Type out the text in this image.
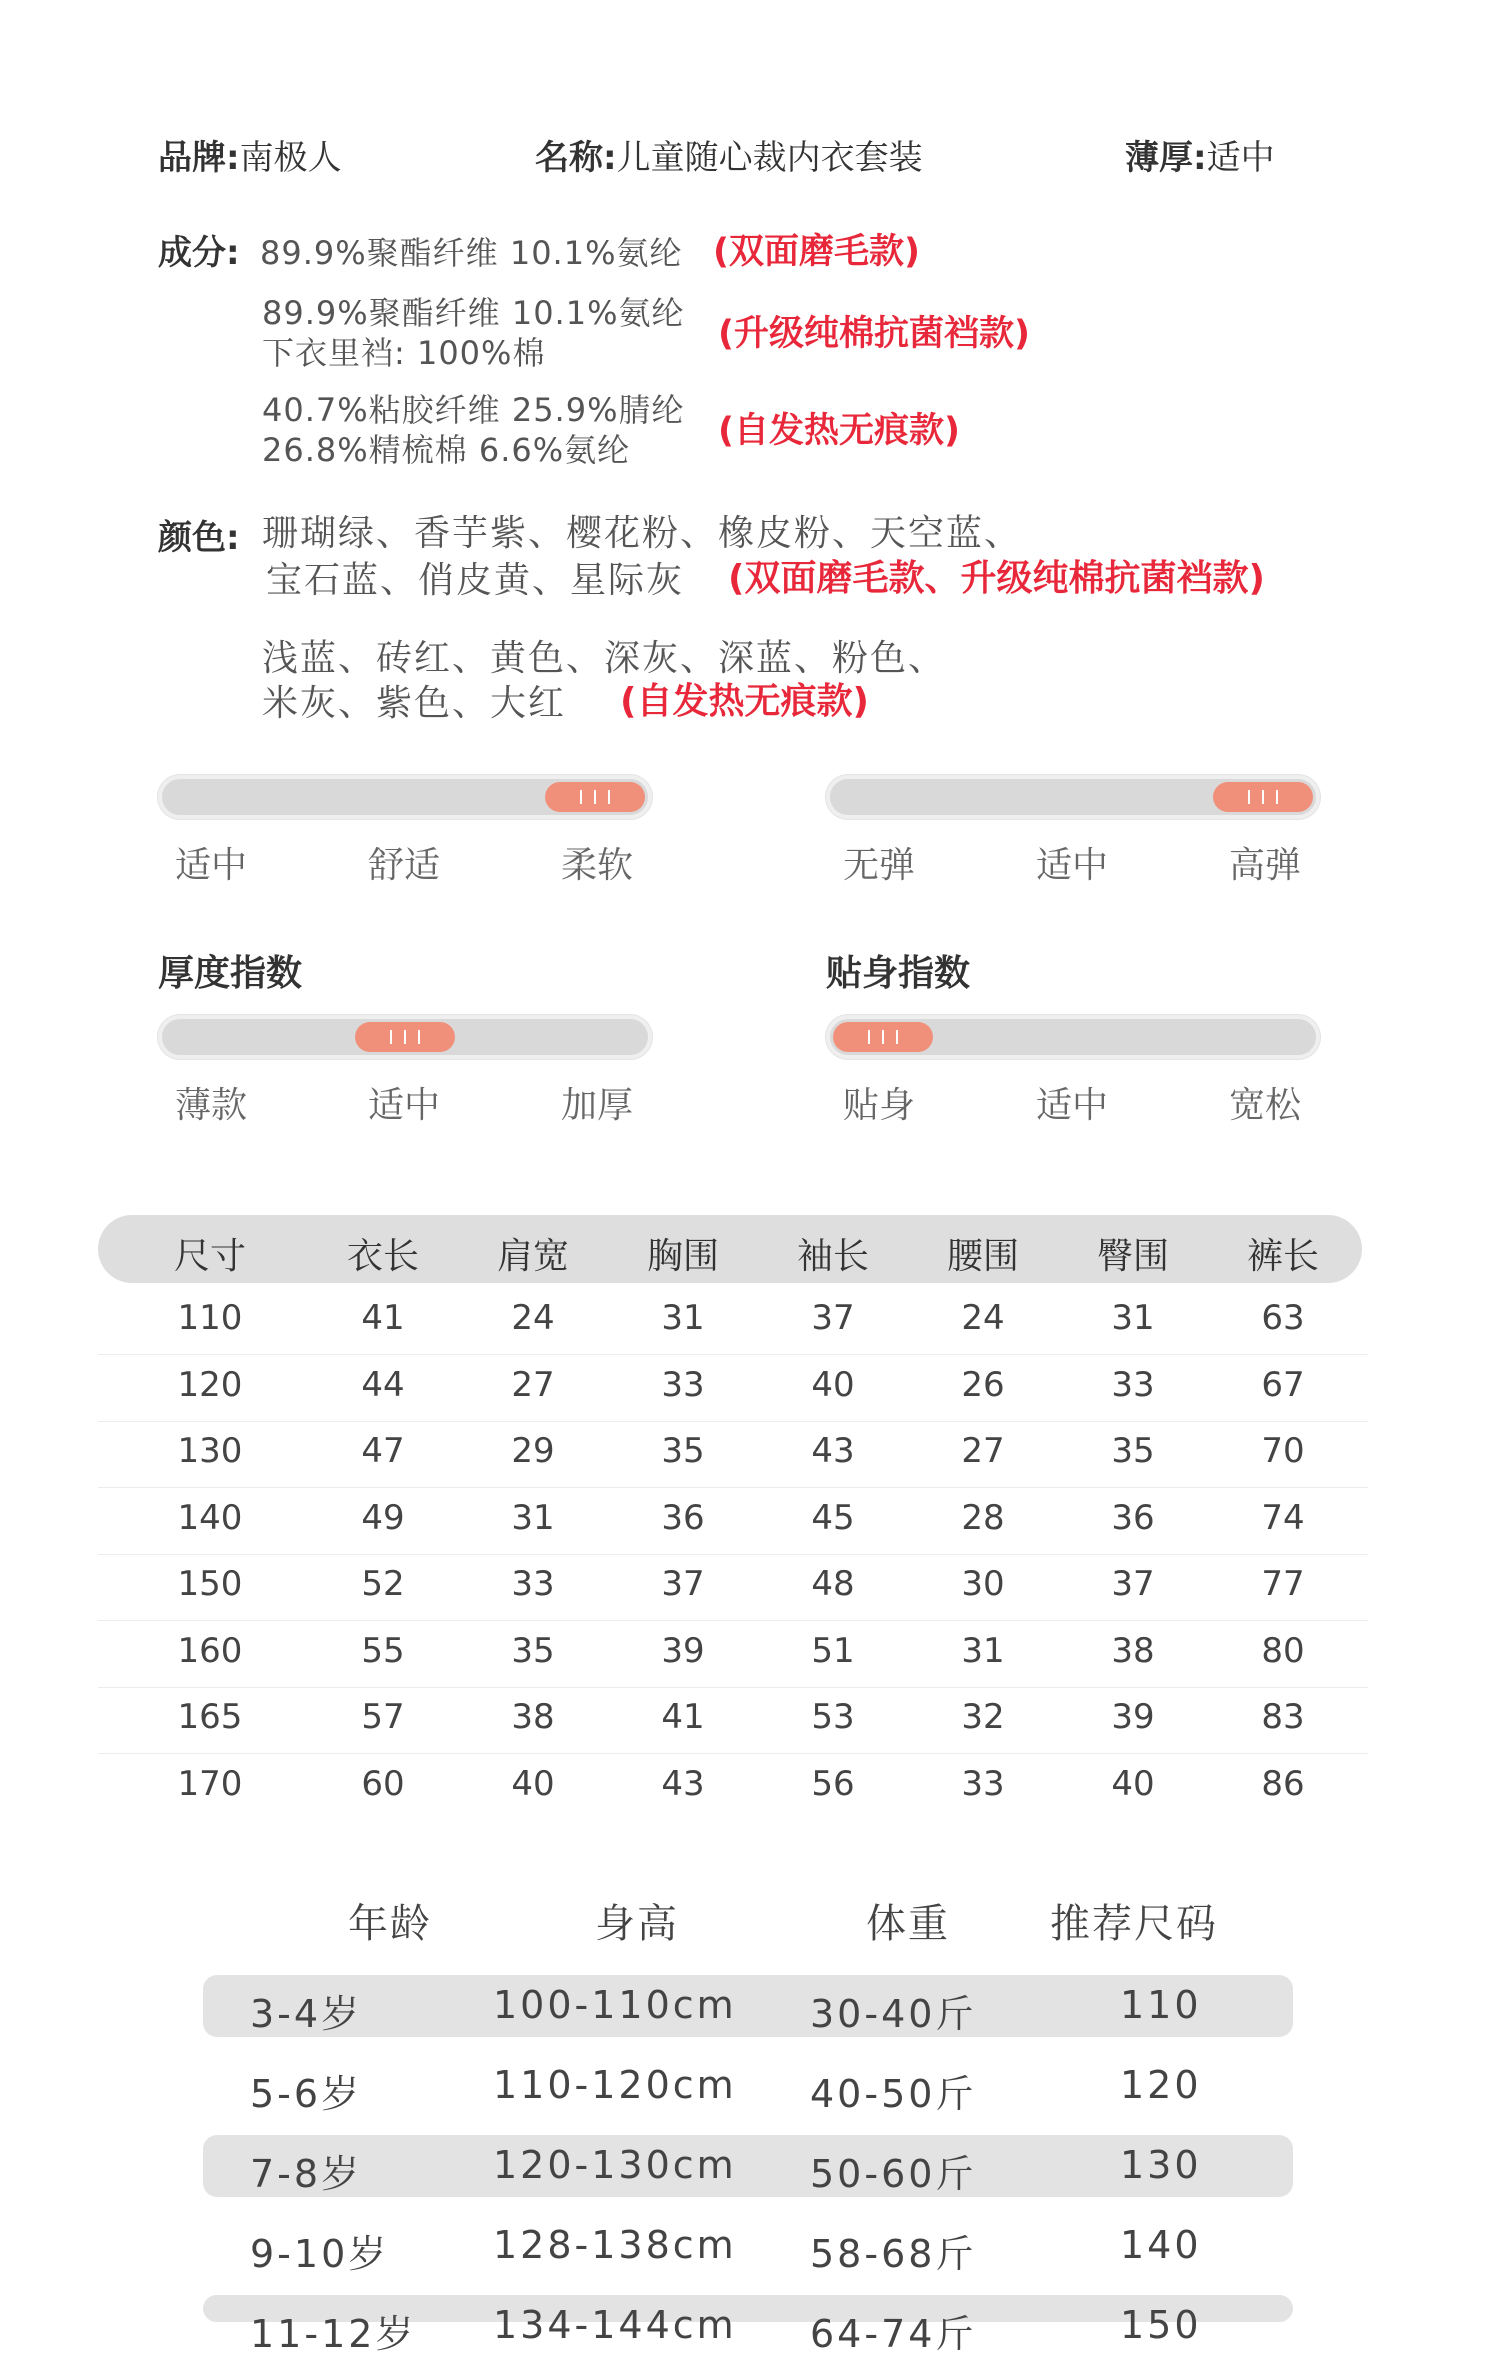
品牌:南极人	名称:儿童随心裁内衣套装	薄厚:适中
成分: 89.9%聚酯纤维 10.1%氨纶 (双面磨毛款)
89.9%聚酯纤维 10.1%氨纶
下衣里裆: 100%棉	(升级纯棉抗菌裆款)
40.7%粘胶纤维 25.9%腈纶
26.8%精梳棉 6.6%氨纶	(自发热无痕款)
颜色: 珊瑚绿、香芋紫、樱花粉、橡皮粉、天空蓝、
宝石蓝、俏皮黄、星际灰 (双面磨毛款、升级纯棉抗菌裆款)
浅蓝、砖红、黄色、深灰、深蓝、粉色、
米灰、紫色、大红 (自发热无痕款)
适中	舒适	柔软	无弹	适中	高弹
厚度指数
薄款	适中	加厚
贴身指数
贴身	适中	宽松
尺寸	衣长	肩宽	胸围	袖长	腰围	臀围	裤长
110	41	24	31	37	24	31	63
120	44	27	33	40	26	33	67
130	47	29	35	43	27	35	70
140	49	31	36	45	28	36	74
150	52	33	37	48	30	37	77
160	55	35	39	51	31	38	80
165	57	38	41	53	32	39	83
170	60	40	43	56	33	40	86
年龄	身高	体重	推荐尺码
3-4岁	100-110cm 30-40斤	110
5-6岁	110-120cm 40-50斤	120
7-8岁	120-130cm 50-60斤	130
9-10岁	128-138cm 58-68斤	140
11-12岁 134-144cm 64-74斤	150
